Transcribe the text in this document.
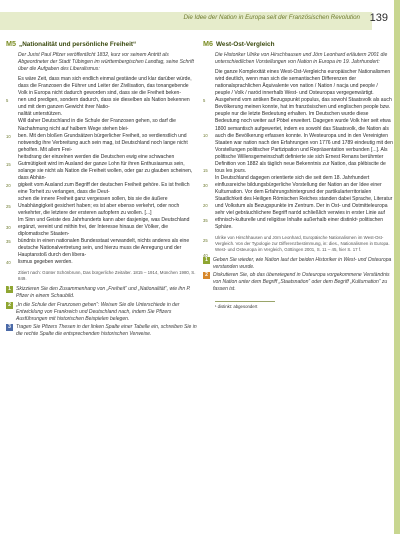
Die Idee der Nation in Europa seit der Französischen Revolution 139
M5 „Nationalität und persönliche Freiheit“
Der Jurist Paul Pfizer veröffentlicht 1832, kurz vor seinem Antritt als Abgeordneter der Stadt Tübingen im württembergischen Landtag, seine Schrift über die Aufgaben des Liberalismus:

Es wäre Zeit, dass man sich endlich einmal gestände und klar darüber würde, dass die Franzosen die Führer und Leiter der Zivilisation, das tonangebende Volk in Europa nicht dadurch geworden sind, dass sie die Freiheit beken-

5	nen und predigen, sondern dadurch, dass sie dieselben als Nation bekennen und mit dem ganzen Gewicht ihrer Natio-

nalität unterstützen.

Will daher Deutschland in die Schule der Franzosen gehen, so darf die Nachahmung nicht auf halbem Wege stehen blei-

10	ben. Mit den bloßen Grundsätzen bürgerlicher Freiheit, so verdienstlich und notwendig ihre Verbreitung auch sein mag, ist Deutschland noch lange nicht geholfen. Mit allem Frei-

15
heitsdrang der einzelnen werden die Deutschen ewig eine schwachen Gutmütigkeit wird im Ausland der ganze Lohn für ihren Enthusiasmus sein, solange sie nicht als Nation die Freiheit wollen, oder gar zu glauben scheinen, dass Abhän-

20	gigkeit vom Ausland zum Begriff der deutschen Freiheit gehöre. Es ist freilich eine Torheit zu verlangen, dass die Deut-

25
schen die innere Freiheit ganz vergessen sollen, bis sie die äußere Unabhängigkeit gesichert haben; es ist aber ebenso verkehrt, oder noch verkehrter, die letztere der ersteren aufopfern zu wollen. [...]

30
Im Sinn und Geiste des Jahrhunderts kann aber dasjenige, was Deutschland ergänzt, vereint und mithin frei, der Interesse hinaus der Völker, die diplomatische Staaten-

35	bündnis in einen nationalen Bundesstaat verwandelt, nichts anderes als eine deutsche Nationalvertretung sein, und hierzu muss die Anregung und der Hauptanstoß durch den libera-

40	lismus gegeben werden.

Zitiert nach: Günter Schönbrunn, Das bürgerliche Zeitalter. 1815 – 1914, München 1980, S. 849.
1	Skizzieren Sie den Zusammenhang von „Freiheit“ und „Nationalität“, wie ihn P. Pfizer in einem Schaubild.
2	„In die Schule der Franzosen gehen“: Weisen Sie die Unterschiede in der Entwicklung von Frankreich und Deutschland nach, indem Sie Pfizers Ausführungen mit historischen Beispielen belegen.
3	Tragen Sie Pfizers Thesen in der linken Spalte einer Tabelle ein, schreiben Sie in die rechte Spalte die entsprechenden historischen Verweise.
M6 West-Ost-Vergleich
Die Historiker Ulrike von Hirschhausen und Jörn Leonhard erläutern 2001 die unterschiedlichen Vorstellungen von Nation in Europa im 19. Jahrhundert:

5
10
15
20
25
Die ganze Komplexität eines West-Ost-Vergleichs europäischer Nationalismen wird deutlich, wenn man sich die semantischen Differenzen der nationalsprachlichen Äquivalente von nation / Nation / nacja und people / peuple / Volk / naród innerhalb West- und Osteuropas vergegenwärtigt. Ausgehend vom antiken Bezugspunkt populus, das sowohl Staatsvolk als auch Bevölkerung meinen konnte, hat im französischen und englischen people bzw. peuple nur die letzte Bedeutung erhalten. Im Deutschen wurde diese Bedeutung noch weiter auf Pöbel erweitert. Dagegen wurde Volk hier seit etwa 1800 semantisch aufgewertet, indem es sowohl das Staatsvolk, die Nation als auch die Bevölkerung erfassen konnte. In Westeuropa und in den Vereinigten Staaten war nation nach den Erfahrungen von 1776 und 1789 eindeutig mit den Vorstellungen politischer Partizipation und Repräsentation verbunden [...]. Als politische Willensgemeinschaft definierte sie sich Ernest Renans berühmter Definition von 1882 als täglich neue Bekenntnis zur Nation, das plébiscite de tous les jours.

30
35
40
In Deutschland dagegen orientierte sich die seit dem 18. Jahrhundert einflussreiche bildungsbürgerliche Vorstellung der Nation an der Idee einer Kulturnation. Vor dem Erfahrungshintergrund der partikularterritorialen Staatlichkeit des Heiligen Römischen Reiches standen dabei Sprache, Literatur und Volkstum als Bezugspunkte im Zentrum. Der in Ost- und Ostmitteleuropa sehr viel gebräuchlichere Begriff naród schließlich verwies in erster Linie auf ethnisch-kulturelle und religiöse Inhalte außerhalb einer distinkt¹ politischen Sphäre.

Ulrike von Hirschhausen und Jörn Leonhard, Europäische Nationalismen im West-Ost-Vergleich. Von der Typologie zur Differenzbestimmung, in: dies., Nationalismen in Europa. West- und Osteuropa im Vergleich, Göttingen 2001, S. 11 – 45, hier S. 17 f.
1	Geben Sie wieder, wie Nation laut der beiden Historiker in West- und Osteuropa verstanden wurde.
2	Diskutieren Sie, ob das überwiegend in Osteuropa vorgekommene Verständnis von Nation unter dem Begriff „Staatsnation“ oder dem Begriff „Kulturnation“ zu fassen ist.
¹ distinkt: abgesondert
